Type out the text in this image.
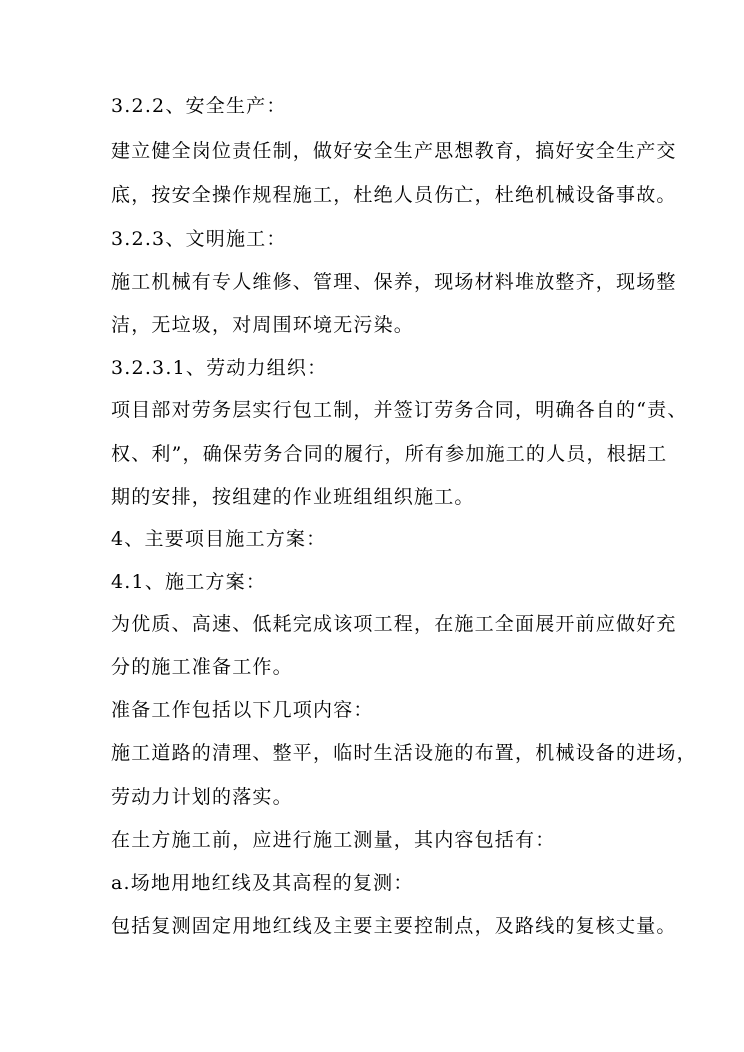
3.2.2、安全生产：
建立健全岗位责任制，做好安全生产思想教育，搞好安全生产交
底，按安全操作规程施工，杜绝人员伤亡，杜绝机械设备事故。
3.2.3、文明施工：
施工机械有专人维修、管理、保养，现场材料堆放整齐，现场整
洁，无垃圾，对周围环境无污染。
3.2.3.1、劳动力组织：
项目部对劳务层实行包工制，并签订劳务合同，明确各自的“责、
权、利”，确保劳务合同的履行，所有参加施工的人员，根据工
期的安排，按组建的作业班组组织施工。
4、主要项目施工方案：
4.1、施工方案：
为优质、高速、低耗完成该项工程，在施工全面展开前应做好充
分的施工准备工作。
准备工作包括以下几项内容：
施工道路的清理、整平，临时生活设施的布置，机械设备的进场，
劳动力计划的落实。
在土方施工前，应进行施工测量，其内容包括有：
a.场地用地红线及其高程的复测：
包括复测固定用地红线及主要主要控制点，及路线的复核丈量。
